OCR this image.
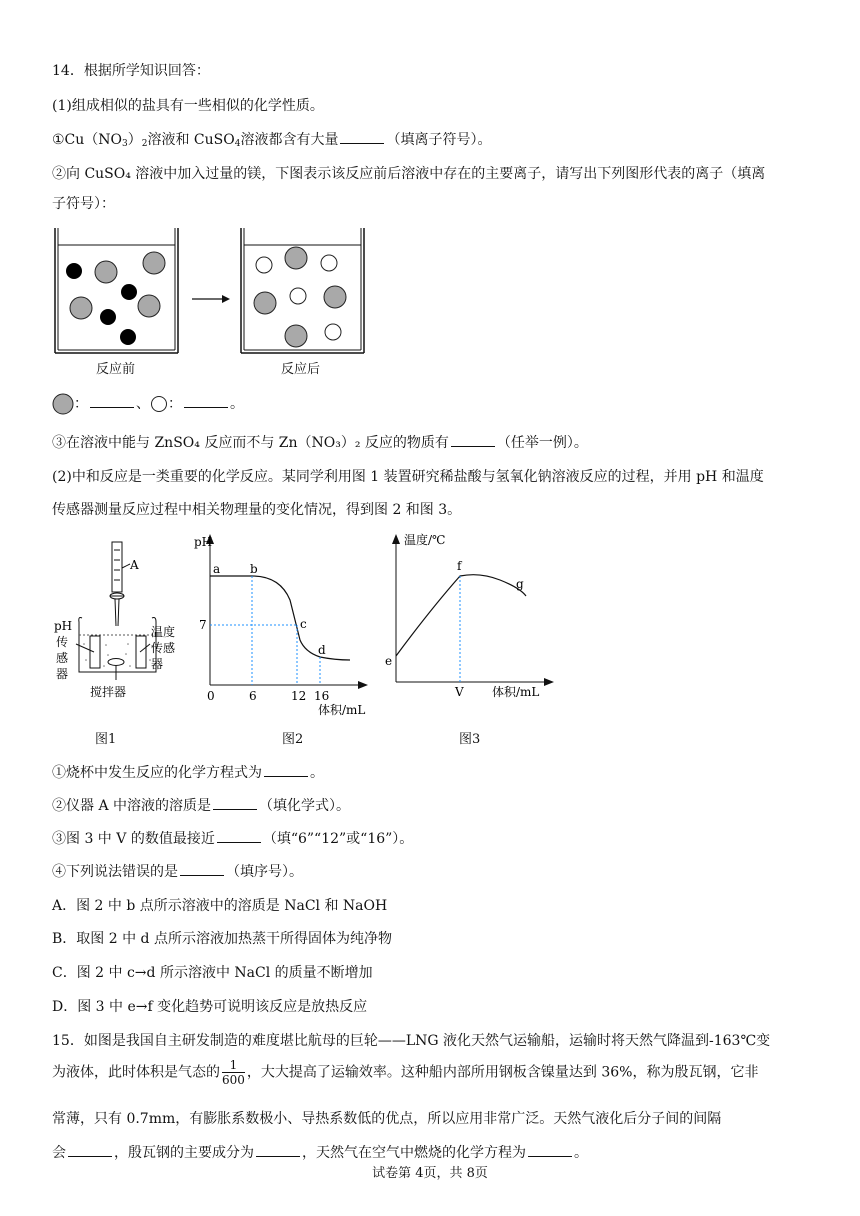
14．根据所学知识回答：
(1)组成相似的盐具有一些相似的化学性质。
$①Cu(NO_3)_2$溶液和 CuSO$_4$溶液都含有大量	（填离子符号）。
②向 CuSO₄ 溶液中加入过量的镁，下图表示该反应前后溶液中存在的主要离子，请写出下列图形代表的离子（填离
子符号）：
反应前	反应后
：	、 ：	。
③在溶液中能与 ZnSO₄ 反应而不与 Zn（NO₃）₂ 反应的物质有	（任举一例）。
(2)中和反应是一类重要的化学反应。某同学利用图 1 装置研究稀盐酸与氢氧化钠溶液反应的过程，并用 pH 和温度
传感器测量反应过程中相关物理量的变化情况，得到图 2 和图 3。
A
pH
传
感
器
温度
传感
器
搅拌器
图1
pH
a b
c
d
7
0	6	12 16
体积/mL
图2
温度/℃
e
f
g
V 体积/mL
图3
①烧杯中发生反应的化学方程式为	。
②仪器 A 中溶液的溶质是	（填化学式）。
③图 3 中 V 的数值最接近	（填“6”“12”或“16”）。
④下列说法错误的是	（填序号）。
A．图 2 中 b 点所示溶液中的溶质是 NaCl 和 NaOH
B．取图 2 中 d 点所示溶液加热蒸干所得固体为纯净物
C．图 2 中 c→d 所示溶液中 NaCl 的质量不断增加
D．图 3 中 e→f 变化趋势可说明该反应是放热反应
15．如图是我国自主研发制造的难度堪比航母的巨轮——LNG 液化天然气运输船，运输时将天然气降温到-163℃变
为液体，此时体积是气态的 $\frac{1}{600}$ ，大大提高了运输效率。这种船内部所用钢板含镍量达到 36%，称为殷瓦钢，它非
常薄，只有 0.7mm，有膨胀系数极小、导热系数低的优点，所以应用非常广泛。天然气液化后分子间的间隔
会	，殷瓦钢的主要成分为	，天然气在空气中燃烧的化学方程为	。
试卷第 4页，共 8页
